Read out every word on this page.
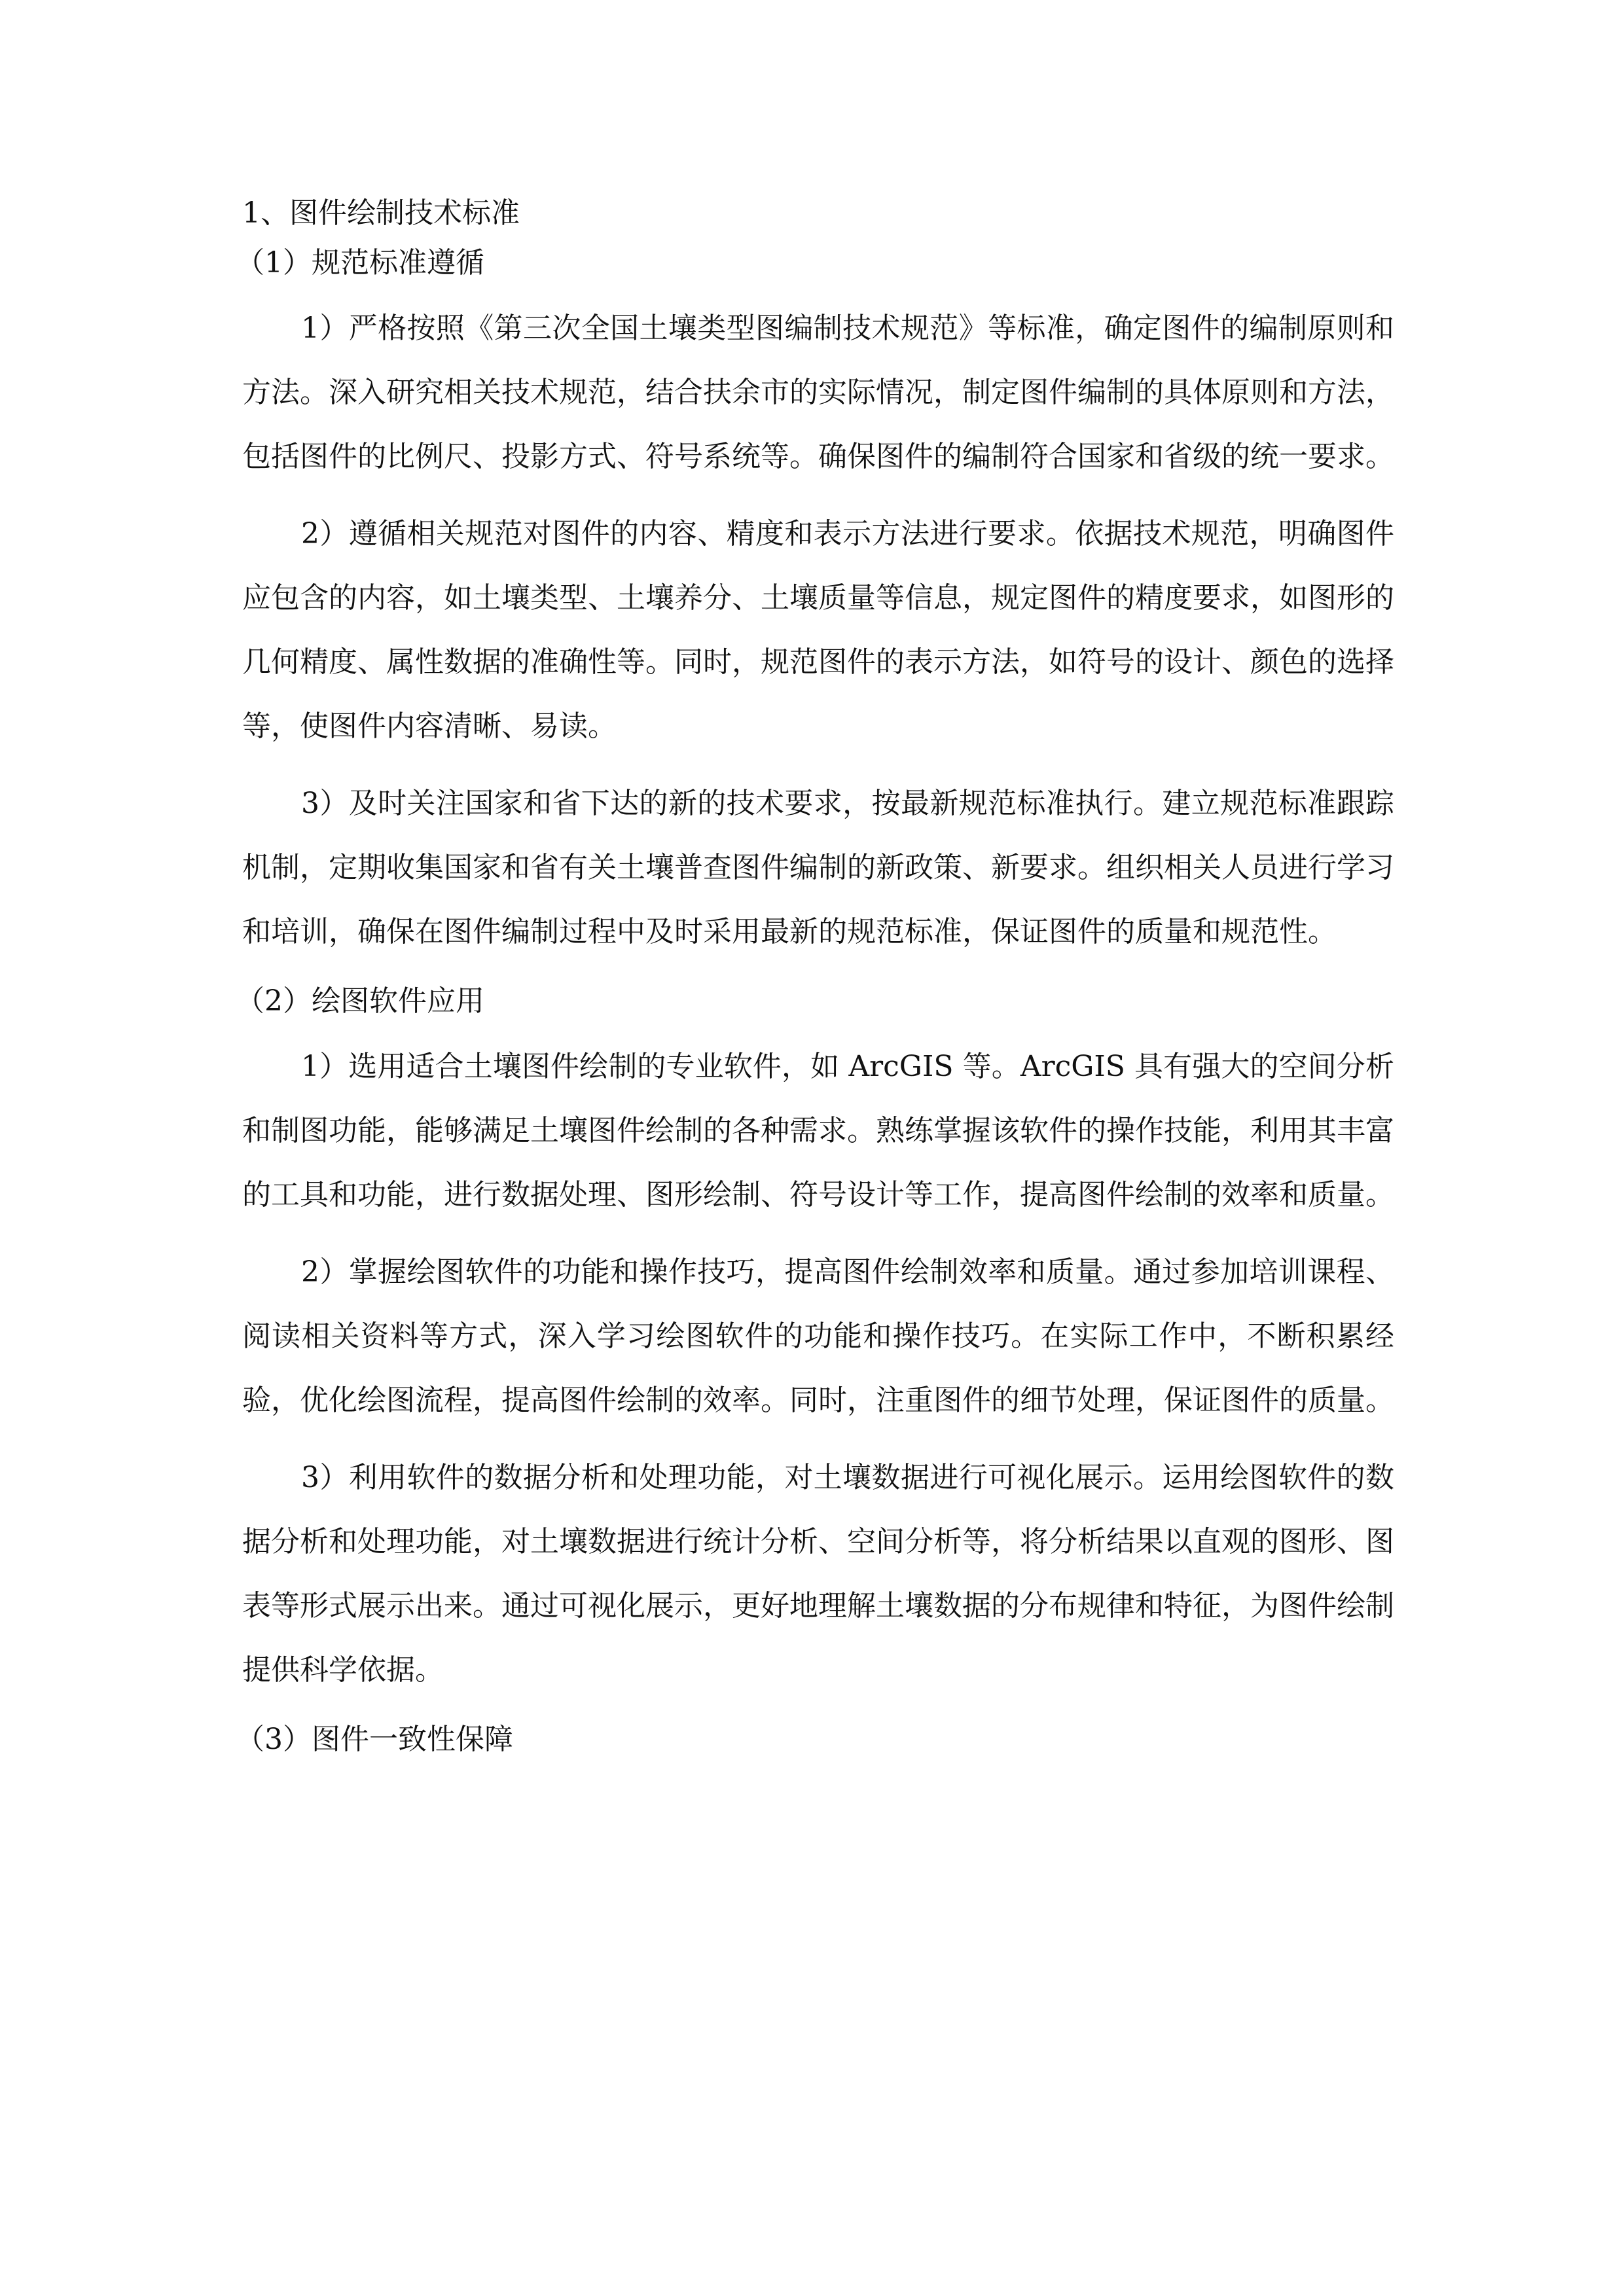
1、图件绘制技术标准

（1）规范标准遵循

1）严格按照《第三次全国土壤类型图编制技术规范》等标准，确定图件的编制原则和方法。深入研究相关技术规范，结合扶余市的实际情况，制定图件编制的具体原则和方法，包括图件的比例尺、投影方式、符号系统等。确保图件的编制符合国家和省级的统一要求。

2）遵循相关规范对图件的内容、精度和表示方法进行要求。依据技术规范，明确图件应包含的内容，如土壤类型、土壤养分、土壤质量等信息，规定图件的精度要求，如图形的几何精度、属性数据的准确性等。同时，规范图件的表示方法，如符号的设计、颜色的选择等，使图件内容清晰、易读。

3）及时关注国家和省下达的新的技术要求，按最新规范标准执行。建立规范标准跟踪机制，定期收集国家和省有关土壤普查图件编制的新政策、新要求。组织相关人员进行学习和培训，确保在图件编制过程中及时采用最新的规范标准，保证图件的质量和规范性。

（2）绘图软件应用

1）选用适合土壤图件绘制的专业软件，如 ArcGIS 等。ArcGIS 具有强大的空间分析和制图功能，能够满足土壤图件绘制的各种需求。熟练掌握该软件的操作技能，利用其丰富的工具和功能，进行数据处理、图形绘制、符号设计等工作，提高图件绘制的效率和质量。

2）掌握绘图软件的功能和操作技巧，提高图件绘制效率和质量。通过参加培训课程、阅读相关资料等方式，深入学习绘图软件的功能和操作技巧。在实际工作中，不断积累经验，优化绘图流程，提高图件绘制的效率。同时，注重图件的细节处理，保证图件的质量。

3）利用软件的数据分析和处理功能，对土壤数据进行可视化展示。运用绘图软件的数据分析和处理功能，对土壤数据进行统计分析、空间分析等，将分析结果以直观的图形、图表等形式展示出来。通过可视化展示，更好地理解土壤数据的分布规律和特征，为图件绘制提供科学依据。

（3）图件一致性保障
